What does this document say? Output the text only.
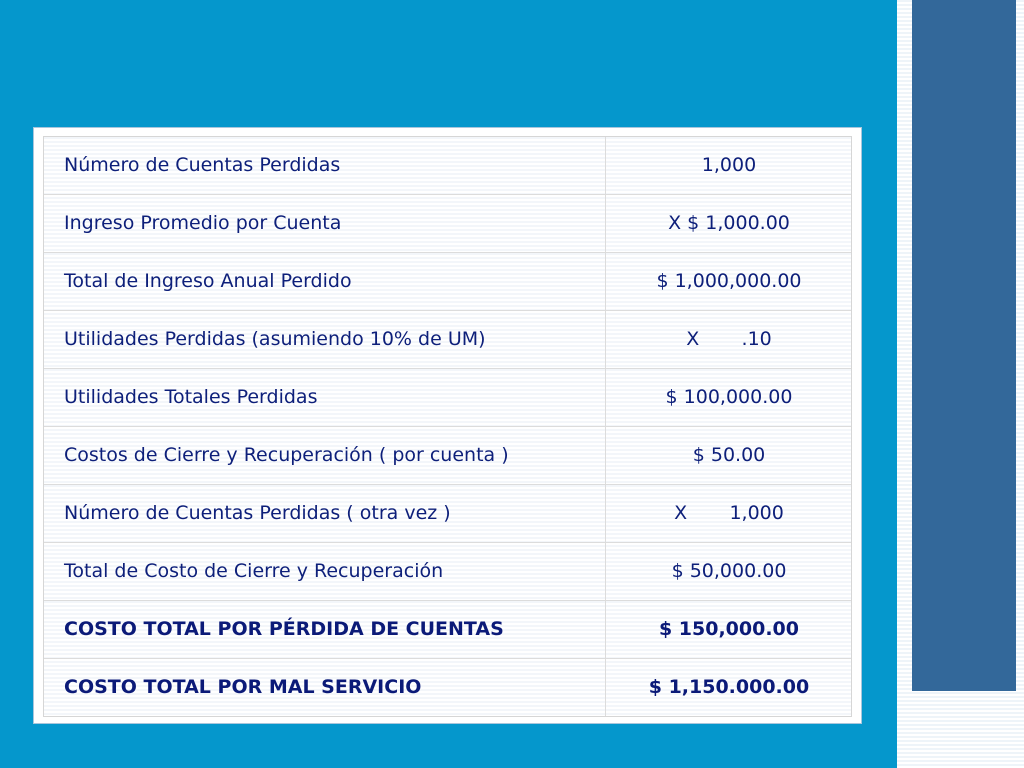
Número de Cuentas Perdidas	1,000
Ingreso Promedio por Cuenta	X $ 1,000.00
Total de Ingreso Anual Perdido	$ 1,000,000.00
Utilidades Perdidas (asumiendo 10% de UM)	X       .10
Utilidades Totales Perdidas	$ 100,000.00
Costos de Cierre y Recuperación ( por cuenta )	$ 50.00
Número de Cuentas Perdidas ( otra vez )	X       1,000
Total de Costo de Cierre y Recuperación	$ 50,000.00
COSTO TOTAL POR PÉRDIDA DE CUENTAS	$ 150,000.00
COSTO TOTAL POR MAL SERVICIO	$ 1,150.000.00
